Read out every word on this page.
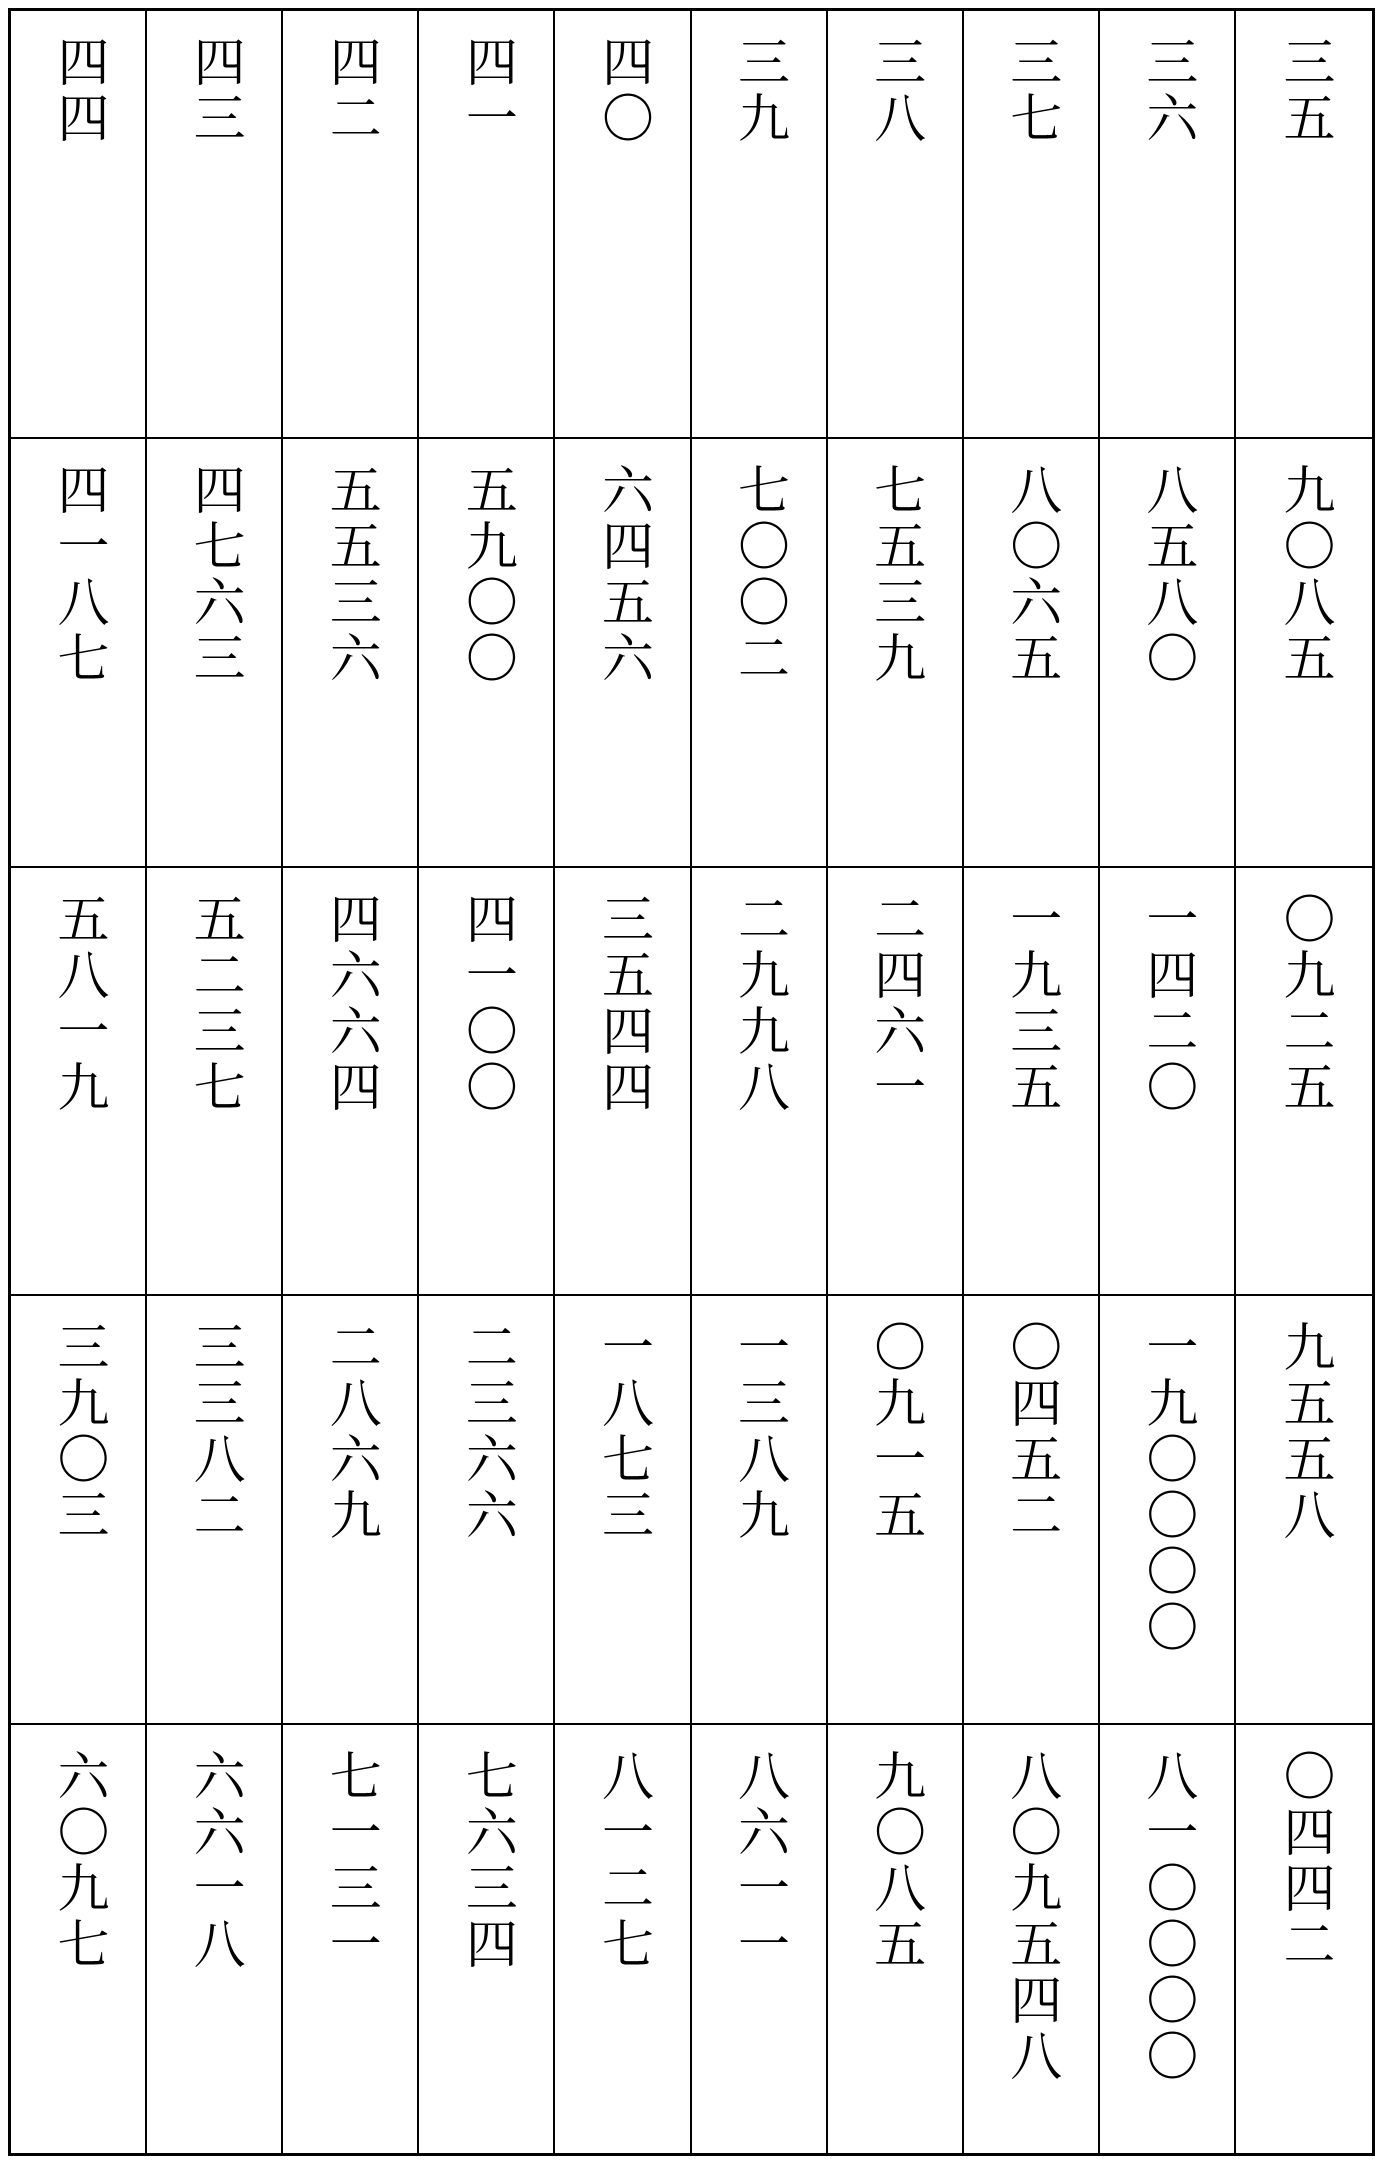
四四 四三 四二 四一 四〇 三九 三八 三七 三六 三五
四一八七 四七六三 五五三六 五九〇〇 六四五六 七〇〇二 七五三九 八〇六五 八五八〇 九〇八五
五八一九 五二三七 四六六四 四一〇〇 三五四四 二九九八 二四六一 一九三五 一四二〇 〇九二五
三九〇三 三三八二 二八六九 二三六六 一八七三 一三八九 〇九一五 〇四五二 一九〇〇〇〇 九五五八
六〇九七 六六一八 七一三一 七六三四 八一二七 八六一一 九〇八五 八〇九五四八 八一〇〇〇〇 〇四四二
